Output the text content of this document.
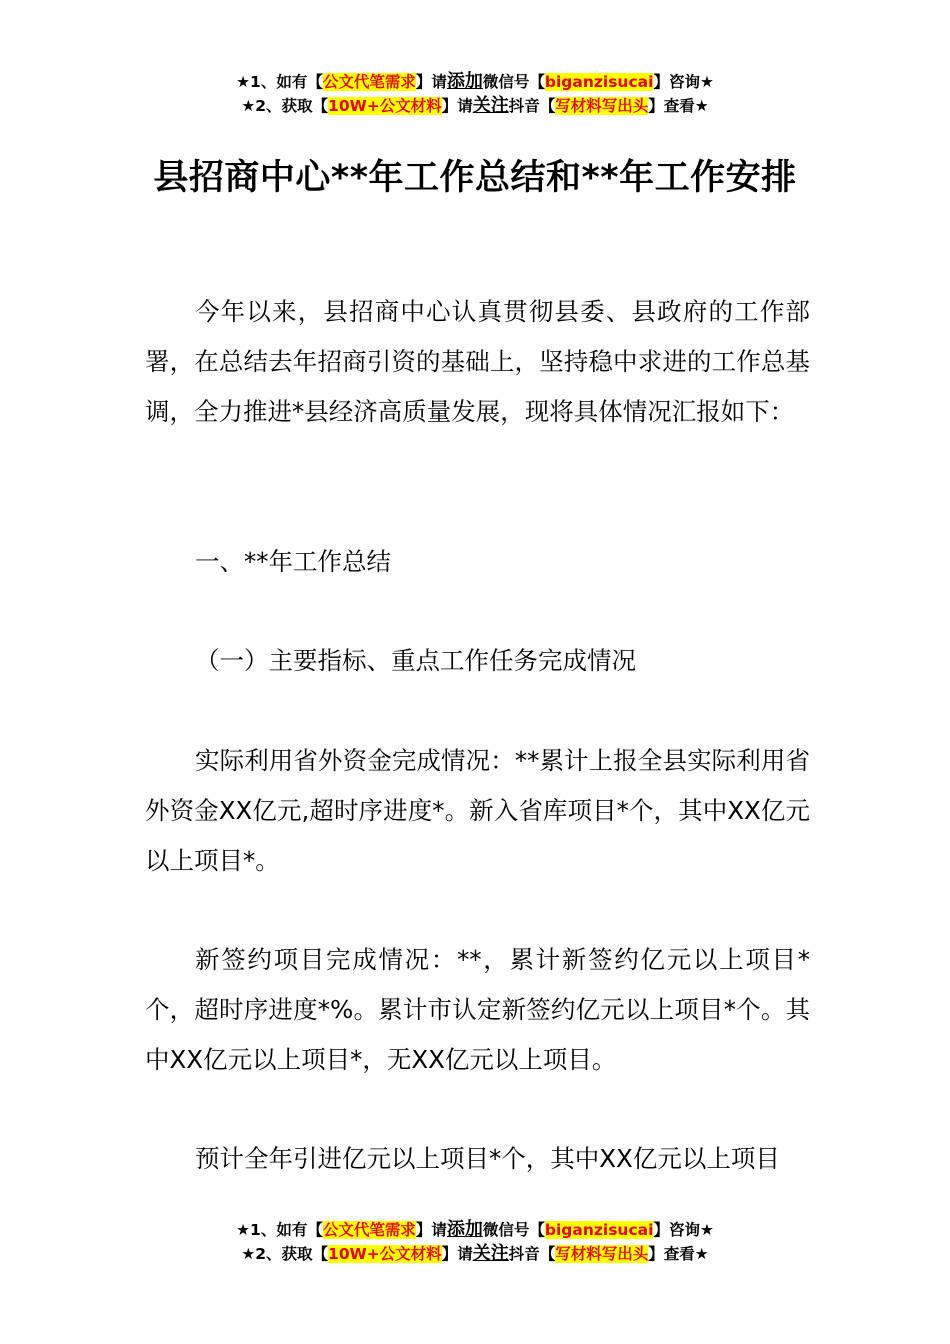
★1、如有【公文代笔需求】请添加微信号【biganzisucai】咨询★
★2、获取【10W+公文材料】请关注抖音【写材料写出头】查看★
县招商中心**年工作总结和**年工作安排
今年以来，县招商中心认真贯彻县委、县政府的工作部署，在总结去年招商引资的基础上，坚持稳中求进的工作总基调，全力推进*县经济高质量发展，现将具体情况汇报如下：
一、**年工作总结
（一）主要指标、重点工作任务完成情况
实际利用省外资金完成情况：**累计上报全县实际利用省外资金XX亿元,超时序进度*。新入省库项目*个，其中XX亿元以上项目*。
新签约项目完成情况：**，累计新签约亿元以上项目*个，超时序进度*%。累计市认定新签约亿元以上项目*个。其中XX亿元以上项目*，无XX亿元以上项目。
预计全年引进亿元以上项目*个，其中XX亿元以上项目
★1、如有【公文代笔需求】请添加微信号【biganzisucai】咨询★
★2、获取【10W+公文材料】请关注抖音【写材料写出头】查看★
